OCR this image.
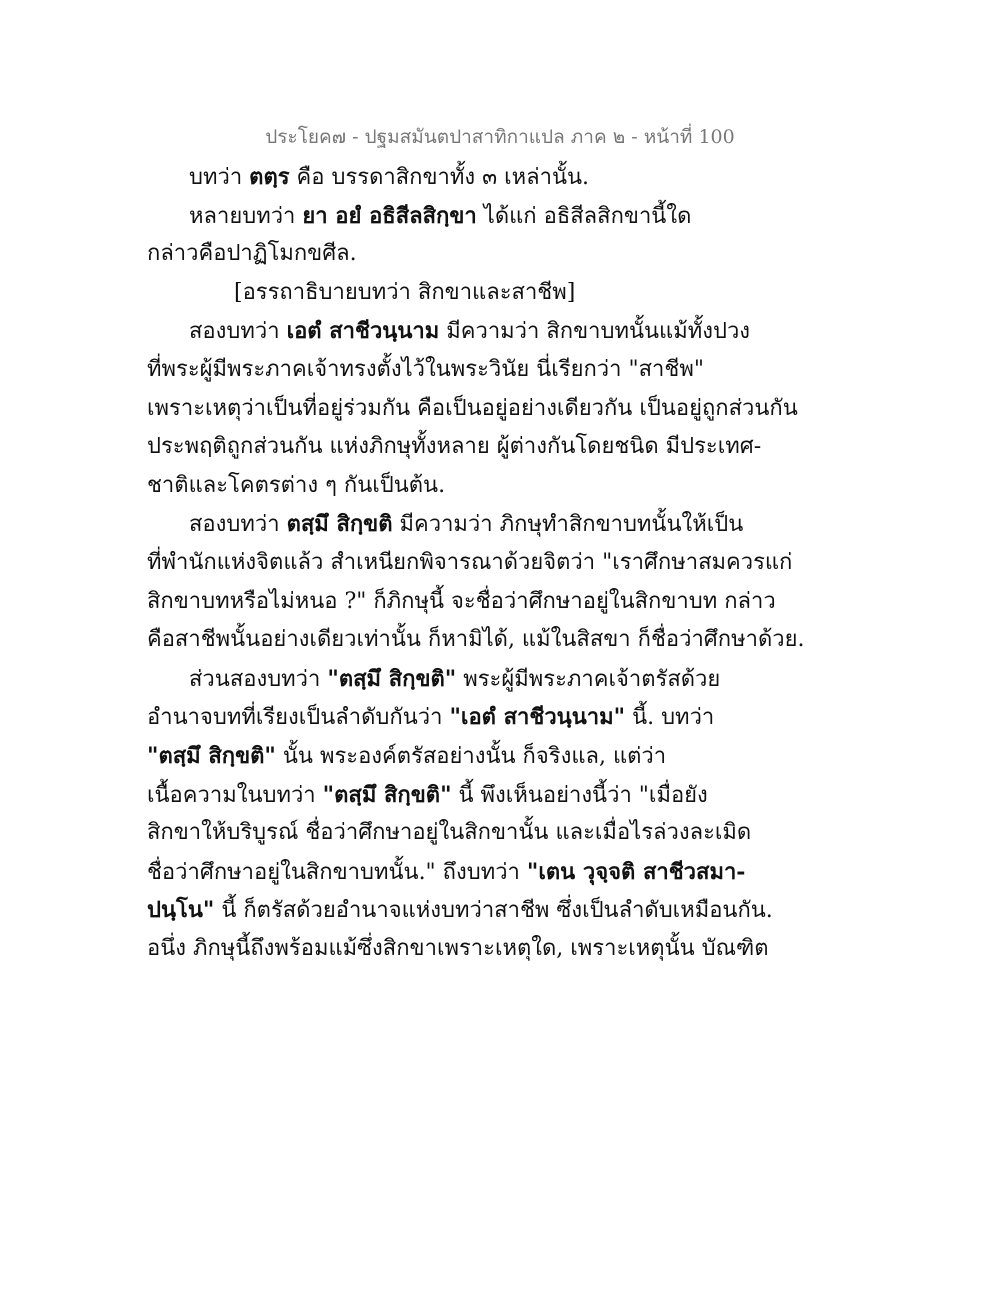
ประโยค๗ - ปฐมสมันตปาสาทิกาแปล ภาค ๒ - หน้าที่ 100
บทว่า ตตฺร คือ บรรดาสิกขาทั้ง ๓ เหล่านั้น.
หลายบทว่า ยา อยํ อธิสีลสิกฺขา ได้แก่ อธิสีลสิกขานี้ใด
กล่าวคือปาฏิโมกขศีล.
[อรรถาธิบายบทว่า สิกขาและสาชีพ]
สองบทว่า เอตํ สาชีวนฺนาม มีความว่า สิกขาบทนั้นแม้ทั้งปวง
ที่พระผู้มีพระภาคเจ้าทรงตั้งไว้ในพระวินัย นี่เรียกว่า "สาชีพ"
เพราะเหตุว่าเป็นที่อยู่ร่วมกัน คือเป็นอยู่อย่างเดียวกัน เป็นอยู่ถูกส่วนกัน
ประพฤติถูกส่วนกัน แห่งภิกษุทั้งหลาย ผู้ต่างกันโดยชนิด มีประเทศ-
ชาติและโคตรต่าง ๆ กันเป็นต้น.
สองบทว่า ตสฺมึ สิกฺขติ มีความว่า ภิกษุทำสิกขาบทนั้นให้เป็น
ที่พำนักแห่งจิตแล้ว สำเหนียกพิจารณาด้วยจิตว่า "เราศึกษาสมควรแก่
สิกขาบทหรือไม่หนอ ?" ก็ภิกษุนี้ จะชื่อว่าศึกษาอยู่ในสิกขาบท กล่าว
คือสาชีพนั้นอย่างเดียวเท่านั้น ก็หามิได้, แม้ในสิสขา ก็ชื่อว่าศึกษาด้วย.
ส่วนสองบทว่า "ตสฺมึ สิกฺขติ" พระผู้มีพระภาคเจ้าตรัสด้วย
อำนาจบทที่เรียงเป็นลำดับกันว่า "เอตํ สาชีวนฺนาม" นี้. บทว่า
"ตสฺมึ สิกฺขติ" นั้น พระองค์ตรัสอย่างนั้น ก็จริงแล, แต่ว่า
เนื้อความในบทว่า "ตสฺมึ สิกฺขติ" นี้ พึงเห็นอย่างนี้ว่า "เมื่อยัง
สิกขาให้บริบูรณ์ ชื่อว่าศึกษาอยู่ในสิกขานั้น และเมื่อไรล่วงละเมิด
ชื่อว่าศึกษาอยู่ในสิกขาบทนั้น." ถึงบทว่า "เตน วุจฺจติ สาชีวสมา-
ปนฺโน" นี้ ก็ตรัสด้วยอำนาจแห่งบทว่าสาชีพ ซึ่งเป็นลำดับเหมือนกัน.
อนึ่ง ภิกษุนี้ถึงพร้อมแม้ซึ่งสิกขาเพราะเหตุใด, เพราะเหตุนั้น บัณฑิต
